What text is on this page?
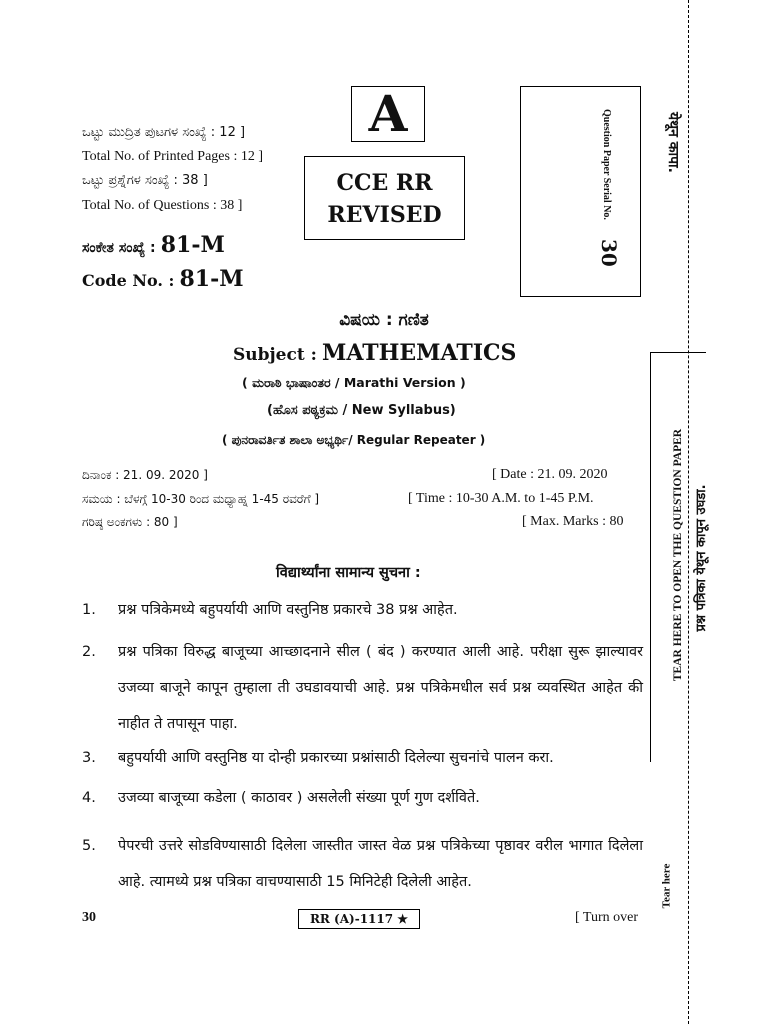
ಒಟ್ಟು ಮುದ್ರಿತ ಪುಟಗಳ ಸಂಖ್ಯೆ : 12 ]
Total No. of Printed Pages : 12 ]
ಒಟ್ಟು ಪ್ರಶ್ನೆಗಳ ಸಂಖ್ಯೆ : 38 ]
Total No. of Questions : 38 ]
ಸಂಕೇತ ಸಂಖ್ಯೆ : 81-M
Code No. : 81-M
A
CCE RR
REVISED	Question Paper Serial No.
30
येथून कापा.
ವಿಷಯ : ಗಣಿತ
Subject : MATHEMATICS
( ಮರಾಠಿ ಭಾಷಾಂತರ / Marathi Version )
(ಹೊಸ ಪಠ್ಯಕ್ರಮ / New Syllabus)
( ಪುನರಾವರ್ತಿತ ಶಾಲಾ ಅಭ್ಯರ್ಥಿ/ Regular Repeater )
ದಿನಾಂಕ : 21. 09. 2020 ]	[ Date : 21. 09. 2020
ಸಮಯ : ಬೆಳಗ್ಗೆ 10-30 ರಿಂದ ಮಧ್ಯಾಹ್ನ 1-45 ರವರೆಗೆ ]	[ Time : 10-30 A.M. to 1-45 P.M.
ಗರಿಷ್ಠ ಅಂಕಗಳು : 80 ]	[ Max. Marks : 80
विद्यार्थ्यांना सामान्य सुचना :
1. प्रश्न पत्रिकेमध्ये बहुपर्यायी आणि वस्तुनिष्ठ प्रकारचे 38 प्रश्न आहेत.
2. प्रश्न पत्रिका विरुद्ध बाजूच्या आच्छादनाने सील ( बंद ) करण्यात आली आहे. परीक्षा सुरू झाल्यावर उजव्या बाजूने कापून तुम्हाला ती उघडावयाची आहे. प्रश्न पत्रिकेमधील सर्व प्रश्न व्यवस्थित आहेत की नाहीत ते तपासून पाहा.
3. बहुपर्यायी आणि वस्तुनिष्ठ या दोन्ही प्रकारच्या प्रश्नांसाठी दिलेल्या सुचनांचे पालन करा.
4. उजव्या बाजूच्या कडेला ( काठावर ) असलेली संख्या पूर्ण गुण दर्शविते.
5. पेपरची उत्तरे सोडविण्यासाठी दिलेला जास्तीत जास्त वेळ प्रश्न पत्रिकेच्या पृष्ठावर वरील भागात दिलेला आहे. त्यामध्ये प्रश्न पत्रिका वाचण्यासाठी 15 मिनिटेही दिलेली आहेत.
TEAR HERE TO OPEN THE QUESTION PAPER प्रश्न पत्रिका येथून कापून उघडा.
Tear here
30	RR (A)-1117 ★	[ Turn over
